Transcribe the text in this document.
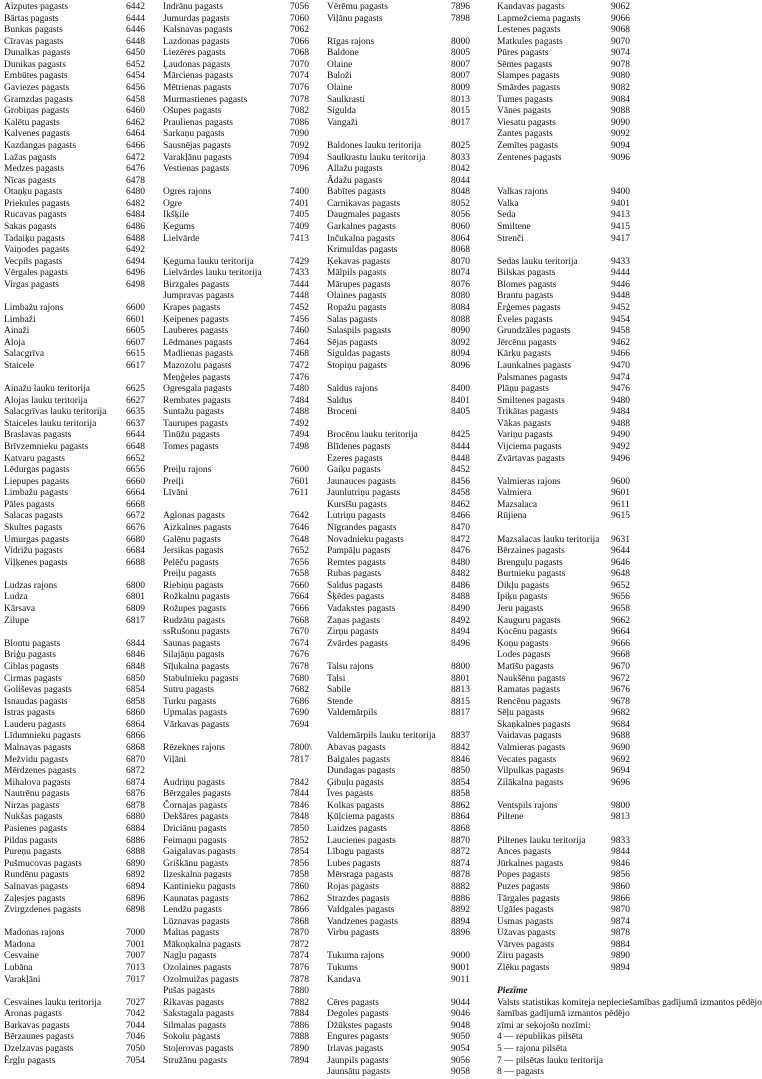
Aizputes pagasts	6442
Bārtas pagasts	6444
Bunkas pagasts	6446
Cīravas pagasts	6448
Dunalkas pagasts	6450
Dunikas pagasts	6452
Embūtes pagasts	6454
Gaviezes pagasts	6456
Gramzdas pagasts	6458
Grobiņas pagasts	6460
Kalētu pagasts	6462
Kalvenes pagasts	6464
Kazdangas pagasts	6466
Lažas pagasts	6472
Medzes pagasts	6476
Nīcas pagasts	6478
Otaņķu pagasts	6480
Priekules pagasts	6482
Rucavas pagasts	6484
Sakas pagasts	6486
Tadaiķu pagasts	6488
Vaiņodes pagasts	6492
Vecpils pagasts	6494
Vērgales pagasts	6496
Virgas pagasts	6498
Limbažu rajons	6600
Limbaži	6601
Ainaži	6605
Aloja	6607
Salacgrīva	6615
Staicele	6617
Ainažu lauku teritorija	6625
Alojas lauku teritorija	6627
Salacgrīvas lauku teritorija	6635
Staiceles lauku teritorija	6637
Braslavas pagasts	6644
Brīvzemnieku pagasts	6648
Katvaru pagasts	6652
Lēdurgas pagasts	6656
Liepupes pagasts	6660
Limbažu pagasts	6664
Pāles pagasts	6668
Salacas pagasts	6672
Skultes pagasts	6676
Umurgas pagasts	6680
Vidrižu pagasts	6684
Viļķenes pagasts	6688
Ludzas rajons	6800
Ludza	6801
Kārsava	6809
Zilupe	6817
Blontu pagasts	6844
Briģu pagasts	6846
Ciblas pagasts	6848
Cirmas pagasts	6850
Goliševas pagasts	6854
Isnaudas pagasts	6858
Istras pagasts	6860
Lauderu pagasts	6864
Līdumnieku pagasts	6866
Malnavas pagasts	6868
Mežvidu pagasts	6870
Mērdzenes pagasts	6872
Mihalova pagasts	6874
Nautrēnu pagasts	6876
Nirzas pagasts	6878
Nukšas pagasts	6880
Pasienes pagasts	6884
Pildas pagasts	6886
Pureņu pagasts	6888
Pušmucovas pagasts	6890
Rundēnu pagasts	6892
Salnavas pagasts	6894
Zaļesjes pagasts	6896
Zvirgzdenes pagasts	6898
Madonas rajons	7000
Madona	7001
Cesvaine	7007
Lubāna	7013
Varakļāni	7017
Cesvaines lauku teritorija	7027
Aronas pagasts	7042
Barkavas pagasts	7044
Bērzaunes pagasts	7046
Dzelzavas pagasts	7050
Ērgļu pagasts	7054
Indrānu pagasts	7056
Jumurdas pagasts	7060
Kalsnavas pagasts	7062
Lazdonas pagasts	7066
Liezēres pagasts	7068
Ļaudonas pagasts	7070
Mārcienas pagasts	7074
Mētrienas pagasts	7076
Murmastienes pagasts	7078
Ošupes pagasts	7082
Praulienas pagasts	7086
Sarkaņu pagasts	7090
Sausnējas pagasts	7092
Varakļānu pagasts	7094
Vestienas pagasts	7096
Ogres rajons	7400
Ogre	7401
Ikšķile	7405
Ķegums	7409
Lielvārde	7413
Ķeguma lauku teritorija	7429
Lielvārdes lauku teritorija	7433
Birzgales pagasts	7444
Jumpravas pagasts	7448
Krapes pagasts	7452
Ķeipenes pagasts	7456
Lauberes pagasts	7460
Lēdmanes pagasts	7464
Madlienas pagasts	7468
Mazozolu pagasts	7472
Meņģeles pagasts	7476
Ogresgala pagasts	7480
Rembates pagasts	7484
Suntažu pagasts	7488
Taurupes pagasts	7492
Tinūžu pagasts	7494
Tomes pagasts	7498
Preiļu rajons	7600
Preiļi	7601
Līvāni	7611
Aglonas pagasts	7642
Aizkalnes pagasts	7646
Galēnu pagasts	7648
Jersikas pagasts	7652
Pelēču pagasts	7656
Preiļu pagasts	7658
Riebiņu pagasts	7660
Rožkalnu pagasts	7664
Rožupes pagasts	7666
Rudzātu pagasts	7668
ssRušonu pagasts	7670
Saunas pagasts	7674
Silajāņu pagasts	7676
Sīļukalna pagasts	7678
Stabulnieku pagasts	7680
Sutru pagasts	7682
Turku pagasts	7686
Upmalas pagasts	7690
Vārkavas pagasts	7694
Rēzeknes rajons	7800\
Viļāni	7817
Audriņu pagasts	7842
Bērzgales pagasts	7844
Čornajas pagasts	7846
Dekšāres pagasts	7848
Driciānu pagasts	7850
Feimaņu pagasts	7852
Gaigalavas pagasts	7854
Griškānu pagasts	7856
Ilzeskalna pagasts	7858
Kantinieku pagasts	7860
Kaunatas pagasts	7862
Lendžu pagasts	7866
Lūznavas pagasts	7868
Maltas pagasts	7870
Mākoņkalna pagasts	7872
Nagļu pagasts	7874
Ozolaines pagasts	7876
Ozolmuižas pagasts	7878
Pušas pagasts	7880
Rikavas pagasts	7882
Sakstagala pagasts	7884
Silmalas pagasts	7886
Sokolu pagasts	7888
Stoļerovas pagasts	7890
Stružānu pagasts	7894
Vērēmu pagasts	7896
Viļānu pagasts	7898
Rīgas rajons	8000
Baldone	8005
Olaine	8007
Baloži	8007
Olaine	8009
Saulkrasti	8013
Sigulda	8015
Vangaži	8017
Baldones lauku teritorija	8025
Saulkrastu lauku teritorija	8033
Allažu pagasts	8042
Ādažu pagasts	8044
Babītes pagasts	8048
Carnikavas pagasts	8052
Daugmales pagasts	8056
Garkalnes pagasts	8060
Inčukalna pagasts	8064
Krimuldas pagasts	8068
Ķekavas pagasts	8070
Mālpils pagasts	8074
Mārupes pagasts	8076
Olaines pagasts	8080
Ropažu pagasts	8084
Salas pagasts	8088
Salaspils pagasts	8090
Sējas pagasts	8092
Siguldas pagasts	8094
Stopiņu pagasts	8096
Saldus rajons	8400
Saldus	8401
Broceni	8405
Brocēnu lauku teritorija	8425
Blīdenes pagasts	8444
Ezeres pagasts	8448
Gaiķu pagasts	8452
Jaunauces pagasts	8456
Jaunlutriņu pagasts	8458
Kursīšu pagasts	8462
Lutriņu pagasts	8466
Nīgrandes pagasts	8470
Novadnieku pagasts	8472
Pampāļu pagasts	8476
Remtes pagasts	8480
Rubas pagasts	8482
Saldus pagasts	8486
Šķēdes pagasts	8488
Vadakstes pagasts	8490
Zaņas pagasts	8492
Zirņu pagasts	8494
Zvārdes pagasts	8496
Talsu rajons	8800
Talsi	8801
Sabile	8813
Stende	8815
Valdemārpils	8817
Valdemārpils lauku teritorija	8837
Abavas pagasts	8842
Balgales pagasts	8846
Dundagas pagasts	8850
Ģibuļu pagasts	8854
Īves pagasts	8858
Kolkas pagasts	8862
Ķūļciema pagasts	8864
Laidzes pagasts	8868
Laucienes pagasts	8870
Lībagu pagasts	8872
Lubes pagasts	8874
Mērsraga pagasts	8878
Rojas pagasts	8882
Strazdes pagasts	8886
Valdgales pagasts	8892
Vandzenes pagasts	8894
Virbu pagasts	8896
Tukuma rajons	9000
Tukums	9001
Kandava	9011
Cēres pagasts	9044
Degoles pagasts	9046
Džūkstes pagasts	9048
Engures pagasts	9050
Irlavas pagasts	9054
Jaunpils pagasts	9056
Jaunsātu pagasts	9058
Kandavas pagasts	9062
Lapmežciema pagasts	9066
Lestenes pagasts	9068
Matkules pagasts	9070
Pūres pagasts	9074
Sēmes pagasts	9078
Slampes pagasts	9080
Smārdes pagasts	9082
Tumes pagasts	9084
Vānes pagasts	9088
Viesatu pagasts	9090
Zantes pagasts	9092
Zemītes pagasts	9094
Zentenes pagasts	9096
Valkas rajons	9400
Valka	9401
Seda	9413
Smiltene	9415
Strenči	9417
Sedas lauku teritorija	9433
Bilskas pagasts	9444
Blomes pagasts	9446
Brantu pagasts	9448
Ērģemes pagasts	9452
Ēveles pagasts	9454
Grundzāles pagasts	9458
Jērcēnu pagasts	9462
Kārķu pagasts	9466
Launkalnes pagasts	9470
Palsmanes pagasts	9474
Plāņu pagasts	9476
Smiltenes pagasts	9480
Trikātas pagasts	9484
Vākas pagasts	9488
Variņu pagasts	9490
Vijciema pagasts	9492
Zvārtavas pagasts	9496
Valmieras rajons	9600
Valmiera	9601
Mazsalaca	9611
Rūjiena	9615
Mazsalacas lauku teritorija	9631
Bērzaines pagasts	9644
Brenguļu pagasts	9646
Burtnieku pagasts	9648
Dikļu pagasts	9652
Ipiķu pagasts	9656
Jeru pagasts	9658
Kauguru pagasts	9662
Kocēnu pagasts	9664
Ķoņu pagasts	9666
Lodes pagasts	9668
Matīšu pagasts	9670
Naukšēnu pagasts	9672
Ramatas pagasts	9676
Rencēnu pagasts	9678
Sēļu pagasts	9682
Skaņkalnes pagasts	9684
Vaidavas pagasts	9688
Valmieras pagasts	9690
Vecates pagasts	9692
Vilpulkas pagasts	9694
Zilākalna pagasts	9696
Ventspils rajons	9800
Piltene	9813
Piltenes lauku teritorija	9833
Ances pagasts	9844
Jūrkalnes pagasts	9846
Popes pagasts	9856
Puzes pagasts	9860
Tārgales pagasts	9866
Ugāles pagasts	9870
Usmas pagasts	9874
Užavas pagasts	9878
Vārves pagasts	9884
Ziru pagasts	9890
Zlēku pagasts	9894
Piezīme
Valsts statistikas komiteja nepieciešamības gadījumā izmantos pēdējo
šamības gadījumā izmantos pēdējo
zīmi ar sekojošu nozīmi:
4 — republikas pilsēta
5 — rajona pilsēta
7 — pilsētas lauku teritorija
8 — pagasts
